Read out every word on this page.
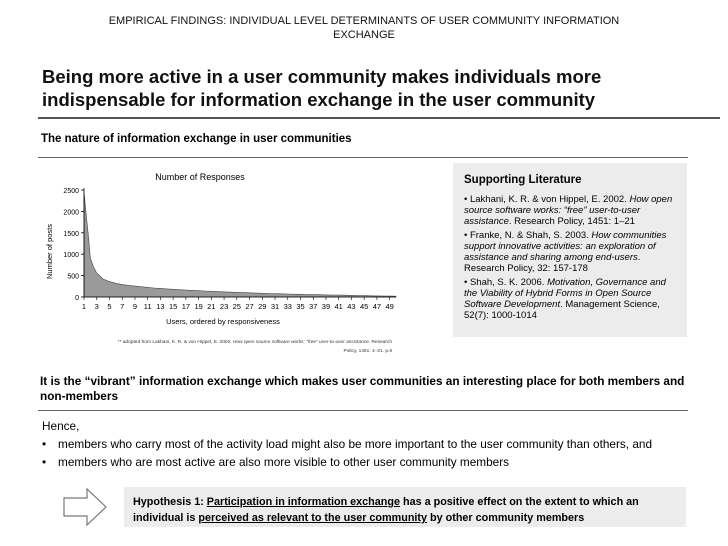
EMPIRICAL FINDINGS: INDIVIDUAL LEVEL DETERMINANTS OF USER COMMUNITY INFORMATION
EXCHANGE
Being more active in a user community makes individuals more
indispensable for information exchange in the user community
The nature of information exchange in user communities
Number of Responses
0
500
1000
1500
2000
2500
1 3 5 7 9 11 13 15 17 19 21 23 25 27 29 31 33 35 37 39 41 43 45 47 49
Users, ordered by responsiveness
Number of posts
** adopted from Lakhani, K. R. & von Hippel, E. 2002. How open source software works: “free” user-to-user assistance. Research
Policy, 1451: 1–21. p.9
Supporting Literature
• Lakhani, K. R. & von Hippel, E. 2002. How open source software works: “free” user-to-user assistance. Research Policy, 1451: 1–21
• Franke, N. & Shah, S. 2003. How communities support innovative activities: an exploration of assistance and sharing among end-users. Research Policy, 32: 157-178
• Shah, S. K. 2006. Motivation, Governance and the Viability of Hybrid Forms in Open Source Software Development. Management Science, 52(7): 1000-1014
It is the “vibrant” information exchange which makes user communities an interesting place for both members and non-members
Hence,
• members who carry most of the activity load might also be more important to the user community than others, and
• members who are most active are also more visible to other user community members
Hypothesis 1: Participation in information exchange has a positive effect on the extent to which an individual is perceived as relevant to the user community by other community members
